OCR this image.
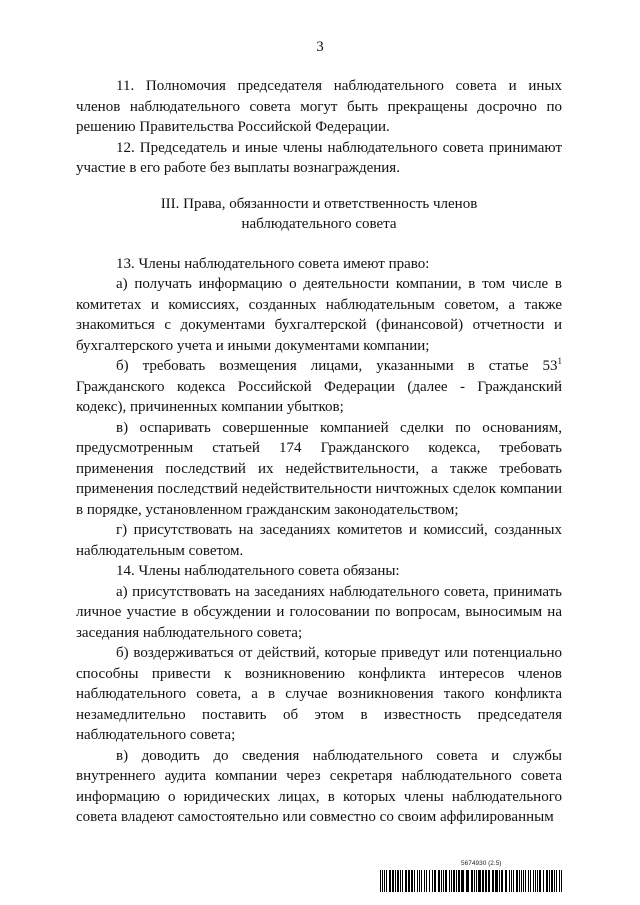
3

11. Полномочия председателя наблюдательного совета и иных членов наблюдательного совета могут быть прекращены досрочно по решению Правительства Российской Федерации.

12. Председатель и иные члены наблюдательного совета принимают участие в его работе без выплаты вознаграждения.

III. Права, обязанности и ответственность членов
наблюдательного совета

13. Члены наблюдательного совета имеют право:

а) получать информацию о деятельности компании, в том числе в комитетах и комиссиях, созданных наблюдательным советом, а также знакомиться с документами бухгалтерской (финансовой) отчетности и бухгалтерского учета и иными документами компании;

б) требовать возмещения лицами, указанными в статье $53^1$ Гражданского кодекса Российской Федерации (далее - Гражданский кодекс), причиненных компании убытков;

в) оспаривать совершенные компанией сделки по основаниям, предусмотренным статьей 174 Гражданского кодекса, требовать применения последствий их недействительности, а также требовать применения последствий недействительности ничтожных сделок компании в порядке, установленном гражданским законодательством;

г) присутствовать на заседаниях комитетов и комиссий, созданных наблюдательным советом.

14. Члены наблюдательного совета обязаны:

а) присутствовать на заседаниях наблюдательного совета, принимать личное участие в обсуждении и голосовании по вопросам, выносимым на заседания наблюдательного совета;

б) воздерживаться от действий, которые приведут или потенциально способны привести к возникновению конфликта интересов членов наблюдательного совета, а в случае возникновения такого конфликта незамедлительно поставить об этом в известность председателя наблюдательного совета;

в) доводить до сведения наблюдательного совета и службы внутреннего аудита компании через секретаря наблюдательного совета информацию о юридических лицах, в которых члены наблюдательного совета владеют самостоятельно или совместно со своим аффилированным

5674930 (2.5)
